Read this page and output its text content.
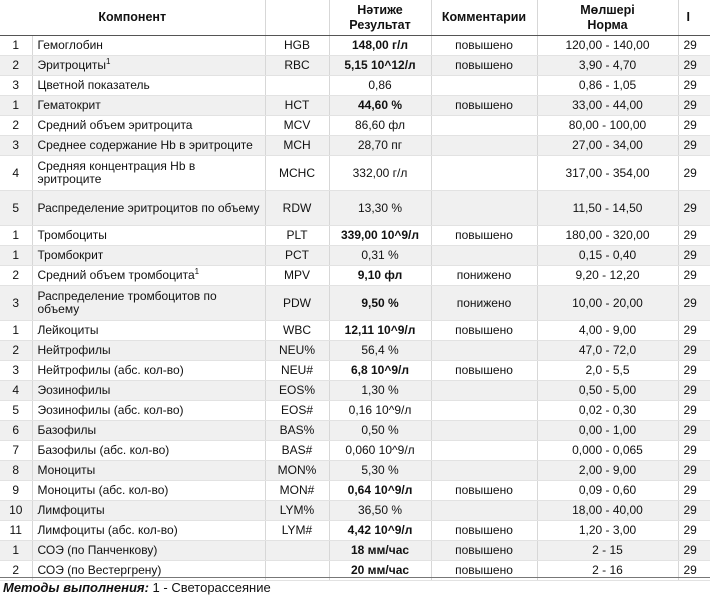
Компонент			Нәтиже Результат	Комментарии	Мөлшері Норма	I
1	Гемоглобин	HGB	148,00 г/л	повышено	120,00 - 140,00	29
2	Эритроциты$^1$	RBC	5,15 10^12/л	повышено	3,90 - 4,70	29
3	Цветной показатель		0,86		0,86 - 1,05	29
1	Гематокрит	HCT	44,60 %	повышено	33,00 - 44,00	29
2	Средний объем эритроцита	MCV	86,60 фл		80,00 - 100,00	29
3	Среднее содержание Hb в эритроците	MCH	28,70 пг		27,00 - 34,00	29
4	Средняя концентрация Hb в эритроците	MCHC	332,00 г/л		317,00 - 354,00	29
5	Распределение эритроцитов по объему	RDW	13,30 %		11,50 - 14,50	29
1	Тромбоциты	PLT	339,00 10^9/л	повышено	180,00 - 320,00	29
1	Тромбокрит	PCT	0,31 %		0,15 - 0,40	29
2	Средний объем тромбоцита$^1$	MPV	9,10 фл	понижено	9,20 - 12,20	29
3	Распределение тромбоцитов по объему	PDW	9,50 %	понижено	10,00 - 20,00	29
1	Лейкоциты	WBC	12,11 10^9/л	повышено	4,00 - 9,00	29
2	Нейтрофилы	NEU%	56,4 %		47,0 - 72,0	29
3	Нейтрофилы (абс. кол-во)	NEU#	6,8 10^9/л	повышено	2,0 - 5,5	29
4	Эозинофилы	EOS%	1,30 %		0,50 - 5,00	29
5	Эозинофилы (абс. кол-во)	EOS#	0,16 10^9/л		0,02 - 0,30	29
6	Базофилы	BAS%	0,50 %		0,00 - 1,00	29
7	Базофилы (абс. кол-во)	BAS#	0,060 10^9/л		0,000 - 0,065	29
8	Моноциты	MON%	5,30 %		2,00 - 9,00	29
9	Моноциты (абс. кол-во)	MON#	0,64 10^9/л	повышено	0,09 - 0,60	29
10	Лимфоциты	LYM%	36,50 %		18,00 - 40,00	29
11	Лимфоциты (абс. кол-во)	LYM#	4,42 10^9/л	повышено	1,20 - 3,00	29
1	СОЭ (по Панченкову)		18 мм/час	повышено	2 - 15	29
2	СОЭ (по Вестергрену)		20 мм/час	повышено	2 - 16	29
Методы выполнения: 1 - Светорассеяние
